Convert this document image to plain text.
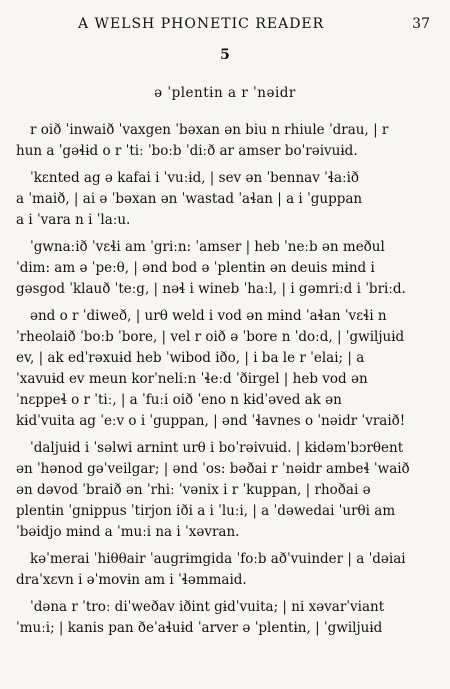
A WELSH PHONETIC READER	37
5
ə ˈplentɨn a r ˈnəidr
r oið ˈinwaið ˈvaxgen ˈbəxan ən biu n rhiule ˈdrau, | r
hun a ˈgəɬɨd o r ˈtiː ˈboːb ˈdiːð ar amser boˈrəivuɨd.
ˈkɛnted ag ə kafai i ˈvuːɨd, | sev ən ˈbennav ˈɬaːið
a ˈmaið, | ai ə ˈbəxan ən ˈwastad ˈaɬan | a i ˈguppan
a i ˈvara n i ˈlaːu.
ˈgwnaːið ˈvɛɬi am ˈgriːn: ˈamser | heb ˈneːb ən meðul
ˈdim: am ə ˈpeːθ, | ənd bod ə ˈplentɨn ən deuis mɨnd i
gəsgod ˈklauð ˈteːg, | nəɬ i wineb ˈhaːl, | i gəmriːd i ˈbriːd.
ənd o r ˈdiweð, | urθ weld i vod ən mɨnd ˈaɬan ˈvɛɬi n
ˈrheolaið ˈboːb ˈbore, | vel r oið ə ˈbore n ˈdoːd, | ˈgwiljuɨd
ev, | ak edˈrəxuɨd heb ˈwibod iðo, | i ba le r ˈelai; | a
ˈxavuɨd ev meun korˈneliːn ˈɬeːd ˈðirgel | heb vod ən
ˈnɛppeɬ o r ˈtiː, | a ˈfuːi oið ˈeno n kɨdˈəved ak ən
kɨdˈvuita ag ˈeːv o i ˈguppan, | ənd ˈɬavnes o ˈnəidr ˈvraið!
ˈdaljuɨd i ˈsəlwi arnint urθ i boˈrəivuɨd. | kɨdəmˈbɔrθent
ən ˈhənod gəˈveilgar; | ənd ˈos: bəðai r ˈnəidr ambeɬ ˈwaið
ən dəvod ˈbraið ən ˈrhiː ˈvənix i r ˈkuppan, | rhoðai ə
plentɨn ˈgnippus ˈtirjon iði a i ˈluːi, | a ˈdəwedai ˈurθi am
ˈbəidjo mɨnd a ˈmuːi na i ˈxəvran.
kəˈmerai ˈhiθθair ˈaugrɨmgida ˈfoːb aðˈvuinder | a ˈdəiai
draˈxɛvn i əˈmovɨn am i ˈɬəmmaid.
ˈdəna r ˈtroː diˈweðav iðint gɨdˈvuita; | ni xəvarˈviant
ˈmuːi; | kanis pan ðeˈaɬuɨd ˈarver ə ˈplentɨn, | ˈgwiljuɨd
